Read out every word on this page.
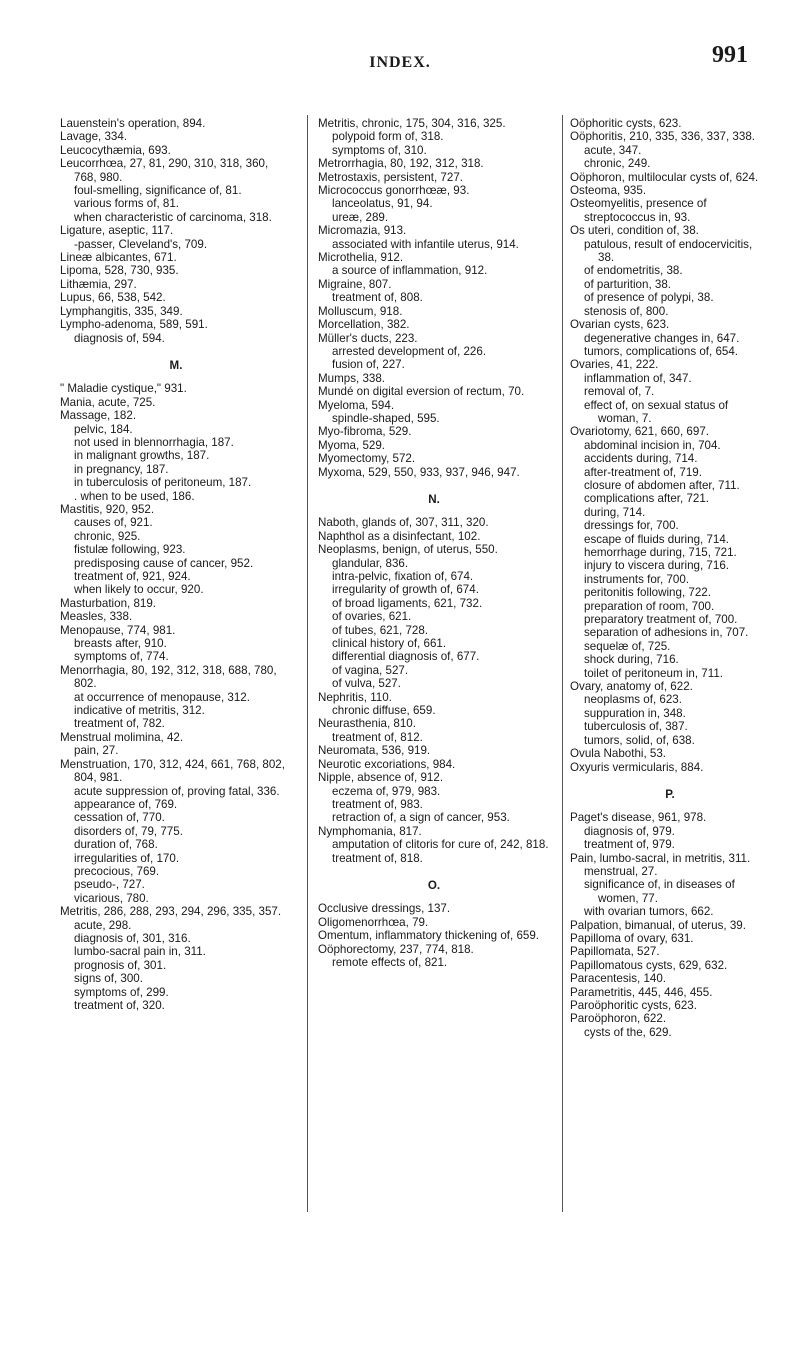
INDEX.	991
Lauenstein's operation, 894.
Lavage, 334.
Leucocythæmia, 693.
Leucorrhœa, 27, 81, 290, 310, 318, 360, 768, 980.
foul-smelling, significance of, 81.
various forms of, 81.
when characteristic of carcinoma, 318.
Ligature, aseptic, 117.
-passer, Cleveland's, 709.
Lineæ albicantes, 671.
Lipoma, 528, 730, 935.
Lithæmia, 297.
Lupus, 66, 538, 542.
Lymphangitis, 335, 349.
Lympho-adenoma, 589, 591.
diagnosis of, 594.
M.
" Maladie cystique," 931.
Mania, acute, 725.
Massage, 182.
pelvic, 184.
not used in blennorrhagia, 187.
in malignant growths, 187.
in pregnancy, 187.
in tuberculosis of peritoneum, 187.
. when to be used, 186.
Mastitis, 920, 952.
causes of, 921.
chronic, 925.
fistulæ following, 923.
predisposing cause of cancer, 952.
treatment of, 921, 924.
when likely to occur, 920.
Masturbation, 819.
Measles, 338.
Menopause, 774, 981.
breasts after, 910.
symptoms of, 774.
Menorrhagia, 80, 192, 312, 318, 688, 780, 802.
at occurrence of menopause, 312.
indicative of metritis, 312.
treatment of, 782.
Menstrual molimina, 42.
pain, 27.
Menstruation, 170, 312, 424, 661, 768, 802, 804, 981.
acute suppression of, proving fatal, 336.
appearance of, 769.
cessation of, 770.
disorders of, 79, 775.
duration of, 768.
irregularities of, 170.
precocious, 769.
pseudo-, 727.
vicarious, 780.
Metritis, 286, 288, 293, 294, 296, 335, 357.
acute, 298.
diagnosis of, 301, 316.
lumbo-sacral pain in, 311.
prognosis of, 301.
signs of, 300.
symptoms of, 299.
treatment of, 320.
Metritis, chronic, 175, 304, 316, 325.
polypoid form of, 318.
symptoms of, 310.
Metrorrhagia, 80, 192, 312, 318.
Metrostaxis, persistent, 727.
Micrococcus gonorrhœæ, 93.
lanceolatus, 91, 94.
ureæ, 289.
Micromazia, 913.
associated with infantile uterus, 914.
Microthelia, 912.
a source of inflammation, 912.
Migraine, 807.
treatment of, 808.
Molluscum, 918.
Morcellation, 382.
Müller's ducts, 223.
arrested development of, 226.
fusion of, 227.
Mumps, 338.
Mundé on digital eversion of rectum, 70.
Myeloma, 594.
spindle-shaped, 595.
Myo-fibroma, 529.
Myoma, 529.
Myomectomy, 572.
Myxoma, 529, 550, 933, 937, 946, 947.
N.
Naboth, glands of, 307, 311, 320.
Naphthol as a disinfectant, 102.
Neoplasms, benign, of uterus, 550.
glandular, 836.
intra-pelvic, fixation of, 674.
irregularity of growth of, 674.
of broad ligaments, 621, 732.
of ovaries, 621.
of tubes, 621, 728.
clinical history of, 661.
differential diagnosis of, 677.
of vagina, 527.
of vulva, 527.
Nephritis, 110.
chronic diffuse, 659.
Neurasthenia, 810.
treatment of, 812.
Neuromata, 536, 919.
Neurotic excoriations, 984.
Nipple, absence of, 912.
eczema of, 979, 983.
treatment of, 983.
retraction of, a sign of cancer, 953.
Nymphomania, 817.
amputation of clitoris for cure of, 242, 818.
treatment of, 818.
O.
Occlusive dressings, 137.
Oligomenorrhœa, 79.
Omentum, inflammatory thickening of, 659.
Oöphorectomy, 237, 774, 818.
remote effects of, 821.
Oöphoritic cysts, 623.
Oöphoritis, 210, 335, 336, 337, 338.
acute, 347.
chronic, 249.
Oöphoron, multilocular cysts of, 624.
Osteoma, 935.
Osteomyelitis, presence of streptococcus in, 93.
Os uteri, condition of, 38.
patulous, result of endocervicitis, 38.
of endometritis, 38.
of parturition, 38.
of presence of polypi, 38.
stenosis of, 800.
Ovarian cysts, 623.
degenerative changes in, 647.
tumors, complications of, 654.
Ovaries, 41, 222.
inflammation of, 347.
removal of, 7.
effect of, on sexual status of woman, 7.
Ovariotomy, 621, 660, 697.
abdominal incision in, 704.
accidents during, 714.
after-treatment of, 719.
closure of abdomen after, 711.
complications after, 721.
during, 714.
dressings for, 700.
escape of fluids during, 714.
hemorrhage during, 715, 721.
injury to viscera during, 716.
instruments for, 700.
peritonitis following, 722.
preparation of room, 700.
preparatory treatment of, 700.
separation of adhesions in, 707.
sequelæ of, 725.
shock during, 716.
toilet of peritoneum in, 711.
Ovary, anatomy of, 622.
neoplasms of, 623.
suppuration in, 348.
tuberculosis of, 387.
tumors, solid, of, 638.
Ovula Nabothi, 53.
Oxyuris vermicularis, 884.
P.
Paget's disease, 961, 978.
diagnosis of, 979.
treatment of, 979.
Pain, lumbo-sacral, in metritis, 311.
menstrual, 27.
significance of, in diseases of women, 77.
with ovarian tumors, 662.
Palpation, bimanual, of uterus, 39.
Papilloma of ovary, 631.
Papillomata, 527.
Papillomatous cysts, 629, 632.
Paracentesis, 140.
Parametritis, 445, 446, 455.
Paroöphoritic cysts, 623.
Paroöphoron, 622.
cysts of the, 629.
